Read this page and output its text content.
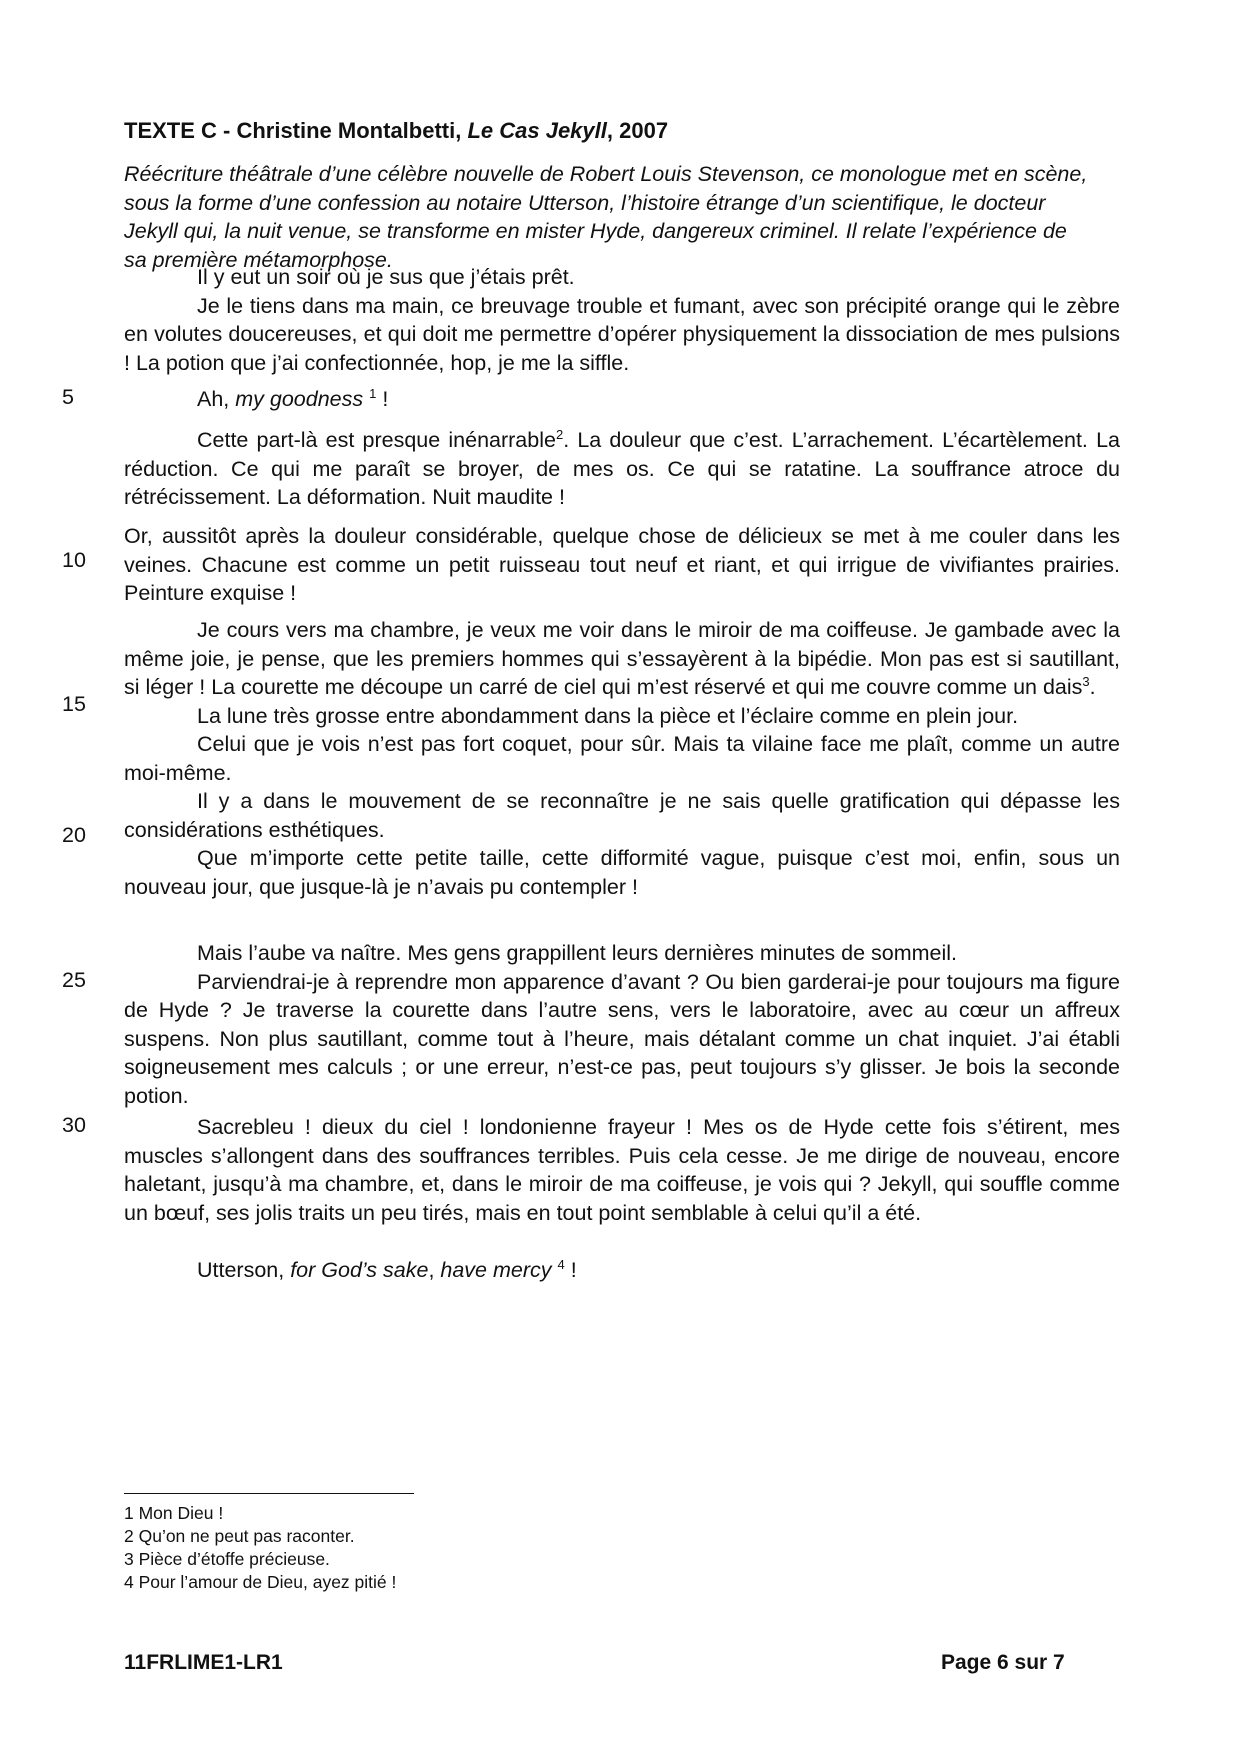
TEXTE C - Christine Montalbetti, Le Cas Jekyll, 2007
Réécriture théâtrale d’une célèbre nouvelle de Robert Louis Stevenson, ce monologue met en scène, sous la forme d’une confession au notaire Utterson, l’histoire étrange d’un scientifique, le docteur Jekyll qui, la nuit venue, se transforme en mister Hyde, dangereux criminel. Il relate l’expérience de sa première métamorphose.
5
10
15
20
25
30

Il y eut un soir où je sus que j’étais prêt.

Je le tiens dans ma main, ce breuvage trouble et fumant, avec son précipité orange qui le zèbre en volutes doucereuses, et qui doit me permettre d’opérer physiquement la dissociation de mes pulsions ! La potion que j’ai confectionnée, hop, je me la siffle.

Ah, my goodness $^1$ !

Cette part-là est presque inénarrable$^2$. La douleur que c’est. L’arrachement. L’écartèlement. La réduction. Ce qui me paraît se broyer, de mes os. Ce qui se ratatine. La souffrance atroce du rétrécissement. La déformation. Nuit maudite !

Or, aussitôt après la douleur considérable, quelque chose de délicieux se met à me couler dans les veines. Chacune est comme un petit ruisseau tout neuf et riant, et qui irrigue de vivifiantes prairies. Peinture exquise !

Je cours vers ma chambre, je veux me voir dans le miroir de ma coiffeuse. Je gambade avec la même joie, je pense, que les premiers hommes qui s’essayèrent à la bipédie. Mon pas est si sautillant, si léger ! La courette me découpe un carré de ciel qui m’est réservé et qui me couvre comme un dais$^3$.

La lune très grosse entre abondamment dans la pièce et l’éclaire comme en plein jour.

Celui que je vois n’est pas fort coquet, pour sûr. Mais ta vilaine face me plaît, comme un autre moi-même.

Il y a dans le mouvement de se reconnaître je ne sais quelle gratification qui dépasse les considérations esthétiques.

Que m’importe cette petite taille, cette difformité vague, puisque c’est moi, enfin, sous un nouveau jour, que jusque-là je n’avais pu contempler !

Mais l’aube va naître. Mes gens grappillent leurs dernières minutes de sommeil.

Parviendrai-je à reprendre mon apparence d’avant ? Ou bien garderai-je pour toujours ma figure de Hyde ? Je traverse la courette dans l’autre sens, vers le laboratoire, avec au cœur un affreux suspens. Non plus sautillant, comme tout à l’heure, mais détalant comme un chat inquiet. J’ai établi soigneusement mes calculs ; or une erreur, n’est-ce pas, peut toujours s’y glisser. Je bois la seconde potion.

Sacrebleu ! dieux du ciel ! londonienne frayeur ! Mes os de Hyde cette fois s’étirent, mes muscles s’allongent dans des souffrances terribles. Puis cela cesse. Je me dirige de nouveau, encore haletant, jusqu’à ma chambre, et, dans le miroir de ma coiffeuse, je vois qui ? Jekyll, qui souffle comme un bœuf, ses jolis traits un peu tirés, mais en tout point semblable à celui qu’il a été.

Utterson, for God’s sake, have mercy $^4$ !

1 Mon Dieu !
2 Qu’on ne peut pas raconter.
3 Pièce d’étoffe précieuse.
4 Pour l’amour de Dieu, ayez pitié !
11FRLIME1-LR1	Page 6 sur 7
